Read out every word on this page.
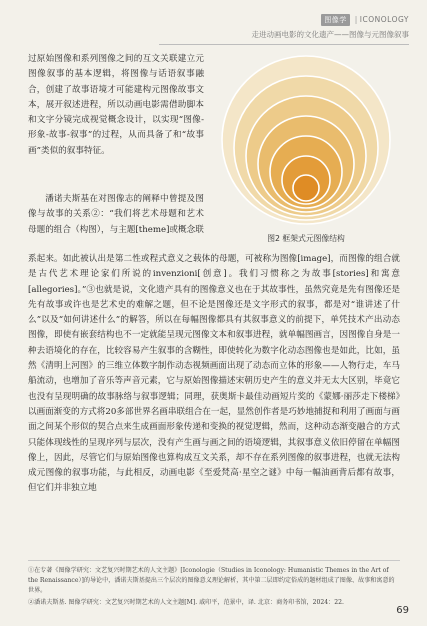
图像学 | ICONOLOGY
走进动画电影的文化遗产——图像与元图像叙事

过原始图像和系列图像之间的互文关联建立元图像叙事的基本逻辑，将图像与话语叙事融合，创建了故事语境才可能建构元图像故事文本，展开叙述进程，所以动画电影需借助脚本和文字分镜完成视觉概念设计，以实现“图像-形象-故事-叙事”的过程，从而具备了和“故事画”类似的叙事特征。

图2 框架式元图像结构

潘诺夫斯基在对图像志的阐释中曾提及图像与故事的关系②：“我们将艺术母题和艺术母题的组合（构图），与主题[theme]或概念联

系起来。如此被认出是第二性或程式意义之载体的母题，可被称为图像[image]，而图像的组合就是古代艺术理论家们所说的invenzioni[创意]。我们习惯称之为故事[stories]和寓意[allegories]。”③也就是说，文化遗产具有的图像意义也在于其故事性，虽然究竟是先有图像还是先有故事或许也是艺术史的难解之题，但不论是图像还是文字形式的叙事，都是对“谁讲述了什么”以及“如何讲述什么”的解答，所以在每幅图像都具有其叙事意义的前提下，单凭技术产出动态图像，即使有嵌套结构也不一定就能呈现元图像文本和叙事进程，就单幅图画言，因图像自身是一种去语境化的存在，比较容易产生叙事的含糊性，即使转化为数字化动态图像也是如此，比如，虽然《清明上河图》的三维立体数字制作动态视频画面出现了动态而立体的形象——人物行走，车马船流动，也增加了音乐等声音元素，它与原始图像描述宋朝历史产生的意义并无太大区别，毕竟它也没有呈现明确的故事脉络与叙事逻辑；同理，获奥斯卡最佳动画短片奖的《蒙娜·丽莎走下楼梯》以画面渐变的方式将20多部世界名画串联组合在一起，显然创作者是巧妙地捕捉和利用了画面与画面之间某个形似的契合点来生成画面形象传递和变换的视觉逻辑，然而，这种动态渐变融合的方式只能体现线性的呈现序列与层次，没有产生画与画之间的语境逻辑，其叙事意义依旧停留在单幅图像上，因此，尽管它们与原始图像也算构成互文关系，却不存在系列图像的叙事进程，也就无法构成元图像的叙事功能，与此相反，动画电影《至爱梵高·星空之谜》中每一幅油画背后都有故事，但它们并非独立地

①在专著《图像学研究：文艺复兴时期艺术的人文主题》[Iconologie（Studies in Iconology: Humanistic Themes in the Art of the Renaissance）]的导论中，潘诺夫斯基提出三个层次的图像意义理论解析，其中第二层即约定俗成的题材组成了图像、故事和寓意的世界。

②潘诺夫斯基. 图像学研究：文艺复兴时期艺术的人文主题[M]. 戚印平，范景中，译. 北京：商务印书馆，2024：22.

69
